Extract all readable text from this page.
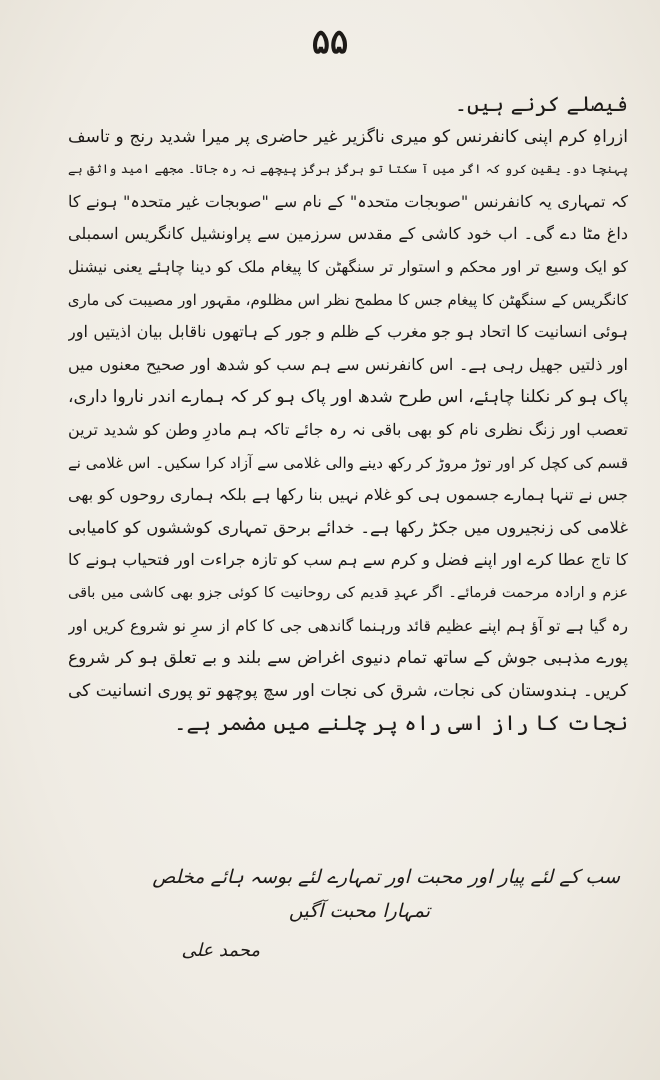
۵۵
فیصلے کرنے ہیں۔
ازراہِ کرم اپنی کانفرنس کو میری ناگزیر غیر حاضری پر میرا شدید رنج و تاسف
پہنچا دو۔ یقین کرو کہ اگر میں آ سکتا تو ہرگز ہرگز پیچھے نہ رہ جاتا۔ مجھے امید واثق ہے
کہ تمہاری یہ کانفرنس "صوبجات متحدہ" کے نام سے "صوبجات غیر متحدہ" ہونے کا
داغ مٹا دے گی۔ اب خود کاشی کے مقدس سرزمین سے پراونشیل کانگریس اسمبلی
کو ایک وسیع تر اور محکم و استوار تر سنگھٹن کا پیغام ملک کو دینا چاہئے یعنی نیشنل
کانگریس کے سنگھٹن کا پیغام جس کا مطمح نظر اس مظلوم، مقہور اور مصیبت کی ماری
ہوئی انسانیت کا اتحاد ہو جو مغرب کے ظلم و جور کے ہاتھوں ناقابل بیان اذیتیں اور
اور ذلتیں جھیل رہی ہے۔ اس کانفرنس سے ہم سب کو شدھ اور صحیح معنوں میں
پاک ہو کر نکلنا چاہئے، اس طرح شدھ اور پاک ہو کر کہ ہمارے اندر ناروا داری،
تعصب اور زنگ نظری نام کو بھی باقی نہ رہ جائے تاکہ ہم مادرِ وطن کو شدید ترین
قسم کی کچل کر اور توڑ مروڑ کر رکھ دینے والی غلامی سے آزاد کرا سکیں۔ اس غلامی نے
جس نے تنہا ہمارے جسموں ہی کو غلام نہیں بنا رکھا ہے بلکہ ہماری روحوں کو بھی
غلامی کی زنجیروں میں جکڑ رکھا ہے۔ خدائے برحق تمہاری کوششوں کو کامیابی
کا تاج عطا کرے اور اپنے فضل و کرم سے ہم سب کو تازہ جراءت اور فتحیاب ہونے کا
عزم و ارادہ مرحمت فرمائے۔ اگر عہدِ قدیم کی روحانیت کا کوئی جزو بھی کاشی میں باقی
رہ گیا ہے تو آؤ ہم اپنے عظیم قائد ورہنما گاندھی جی کا کام از سرِ نو شروع کریں اور
پورے مذہبی جوش کے ساتھ تمام دنیوی اغراض سے بلند و بے تعلق ہو کر شروع
کریں۔ ہندوستان کی نجات، شرق کی نجات اور سچ پوچھو تو پوری انسانیت کی
نجات کا راز اسی راہ پر چلنے میں مضمر ہے۔
سب کے لئے پیار اور محبت اور تمہارے لئے بوسہ ہائے مخلص
تمہارا محبت آگیں
محمد علی
